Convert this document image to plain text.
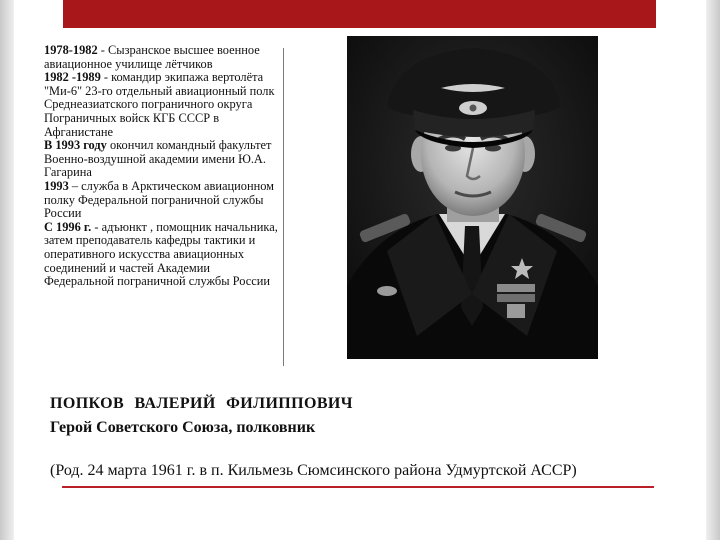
1978-1982 - Сызранское высшее военное авиационное училище лётчиков

1982 -1989 - командир экипажа вертолёта "Ми-6" 23-го отдельный авиационный полк Среднеазиатского пограничного округа Пограничных войск КГБ СССР в Афганистане

В 1993 году окончил командный факультет Военно-воздушной академии имени Ю.А. Гагарина

1993 – служба в Арктическом авиационном полку Федеральной пограничной службы России

С 1996 г. - адъюнкт , помощник начальника, затем преподаватель кафедры тактики и оперативного искусства авиационных соединений и частей Академии Федеральной пограничной службы России

ПОПКОВ ВАЛЕРИЙ ФИЛИППОВИЧ
Герой Советского Союза, полковник
(Род. 24 марта 1961 г. в п. Кильмезь Сюмсинского района Удмуртской АССР)
